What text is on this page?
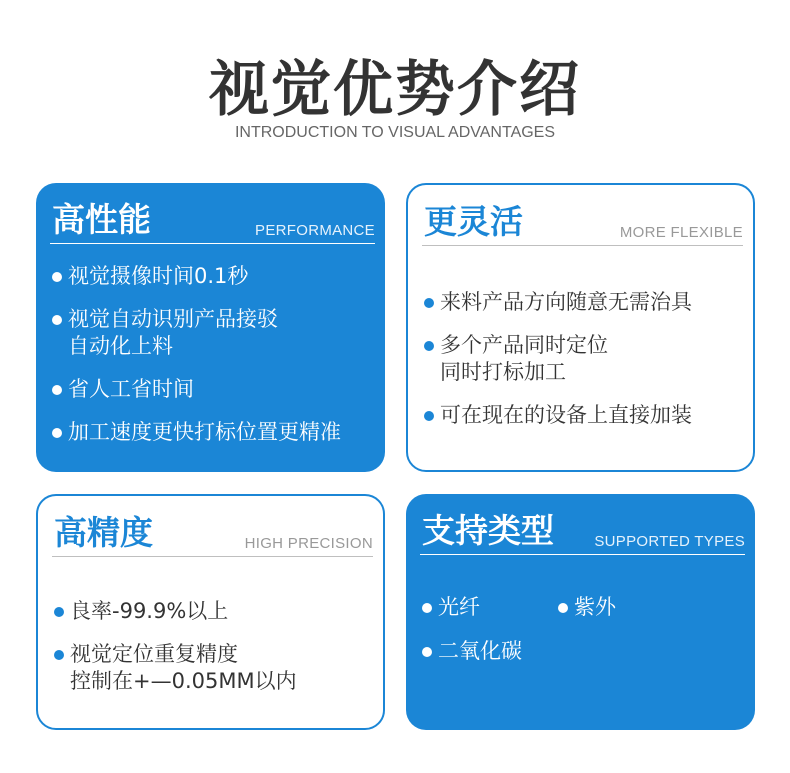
视觉优势介绍
INTRODUCTION TO VISUAL ADVANTAGES
高性能	PERFORMANCE
视觉摄像时间0.1秒
视觉自动识别产品接驳
自动化上料
省人工省时间
加工速度更快打标位置更精准
更灵活	MORE FLEXIBLE
来料产品方向随意无需治具
多个产品同时定位
同时打标加工
可在现在的设备上直接加装
高精度	HIGH PRECISION
良率-99.9%以上
视觉定位重复精度
控制在+—0.05MM以内
支持类型	SUPPORTED TYPES
光纤	紫外
二氧化碳
